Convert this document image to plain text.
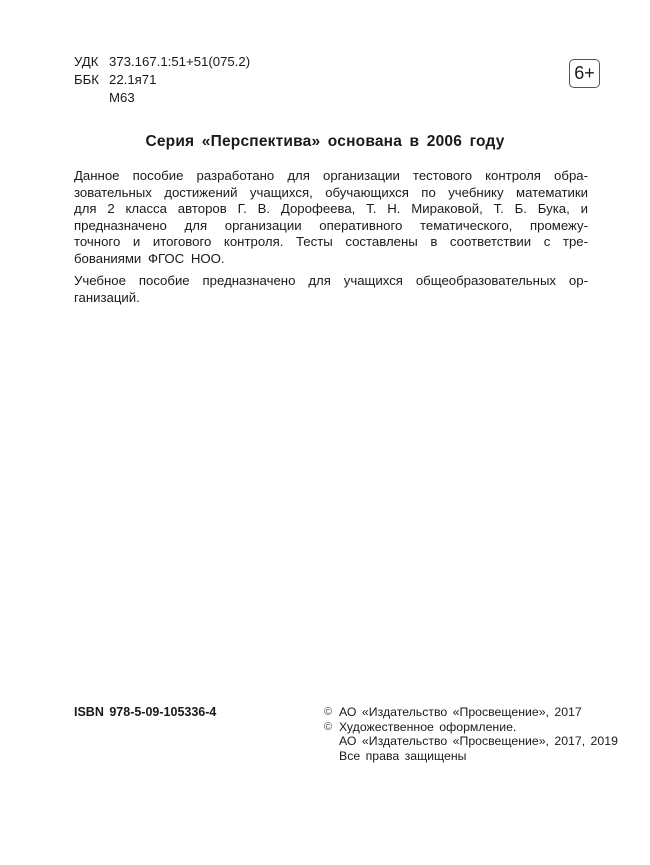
УДК 373.167.1:51+51(075.2)
ББК 22.1я71
М63
6+
Серия «Перспектива» основана в 2006 году
Данное пособие разработано для организации тестового контроля обра-
зовательных достижений учащихся, обучающихся по учебнику математики
для 2 класса авторов Г. В. Дорофеева, Т. Н. Мираковой, Т. Б. Бука, и
предназначено для организации оперативного тематического, промежу-
точного и итогового контроля. Тесты составлены в соответствии с тре-
бованиями ФГОС НОО.
Учебное пособие предназначено для учащихся общеобразовательных ор-
ганизаций.
ISBN 978-5-09-105336-4	© АО «Издательство «Просвещение», 2017
© Художественное оформление.
АО «Издательство «Просвещение», 2017, 2019
Все права защищены
